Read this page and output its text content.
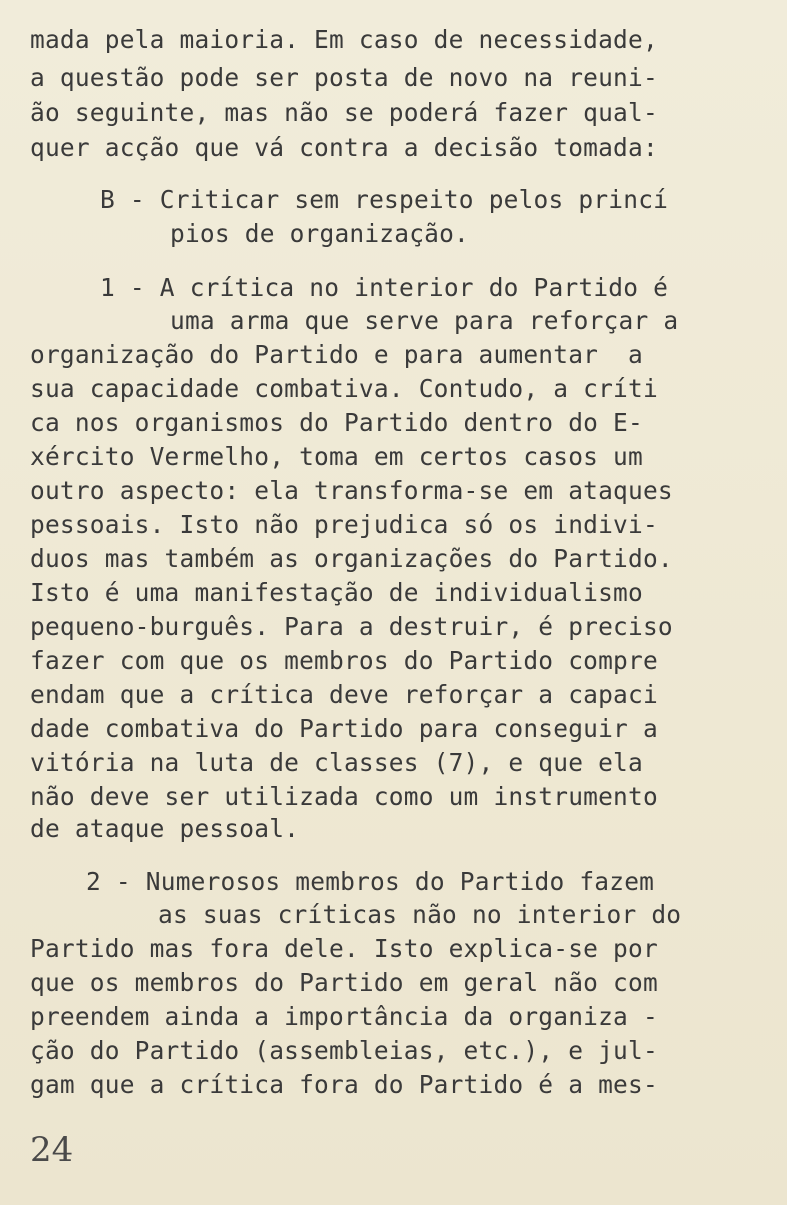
mada pela maioria. Em caso de necessidade,
a questão pode ser posta de novo na reuni-
ão seguinte, mas não se poderá fazer qual-
quer acção que vá contra a decisão tomada:
B - Criticar sem respeito pelos princí
pios de organização.
1 - A crítica no interior do Partido é
uma arma que serve para reforçar a
organização do Partido e para aumentar  a
sua capacidade combativa. Contudo, a críti
ca nos organismos do Partido dentro do E-
xército Vermelho, toma em certos casos um
outro aspecto: ela transforma-se em ataques
pessoais. Isto não prejudica só os indivi-
duos mas também as organizações do Partido.
Isto é uma manifestação de individualismo
pequeno-burguês. Para a destruir, é preciso
fazer com que os membros do Partido compre
endam que a crítica deve reforçar a capaci
dade combativa do Partido para conseguir a
vitória na luta de classes (7), e que ela
não deve ser utilizada como um instrumento
de ataque pessoal.
2 - Numerosos membros do Partido fazem
as suas críticas não no interior do
Partido mas fora dele. Isto explica-se por
que os membros do Partido em geral não com
preendem ainda a importância da organiza -
ção do Partido (assembleias, etc.), e jul-
gam que a crítica fora do Partido é a mes-
24
